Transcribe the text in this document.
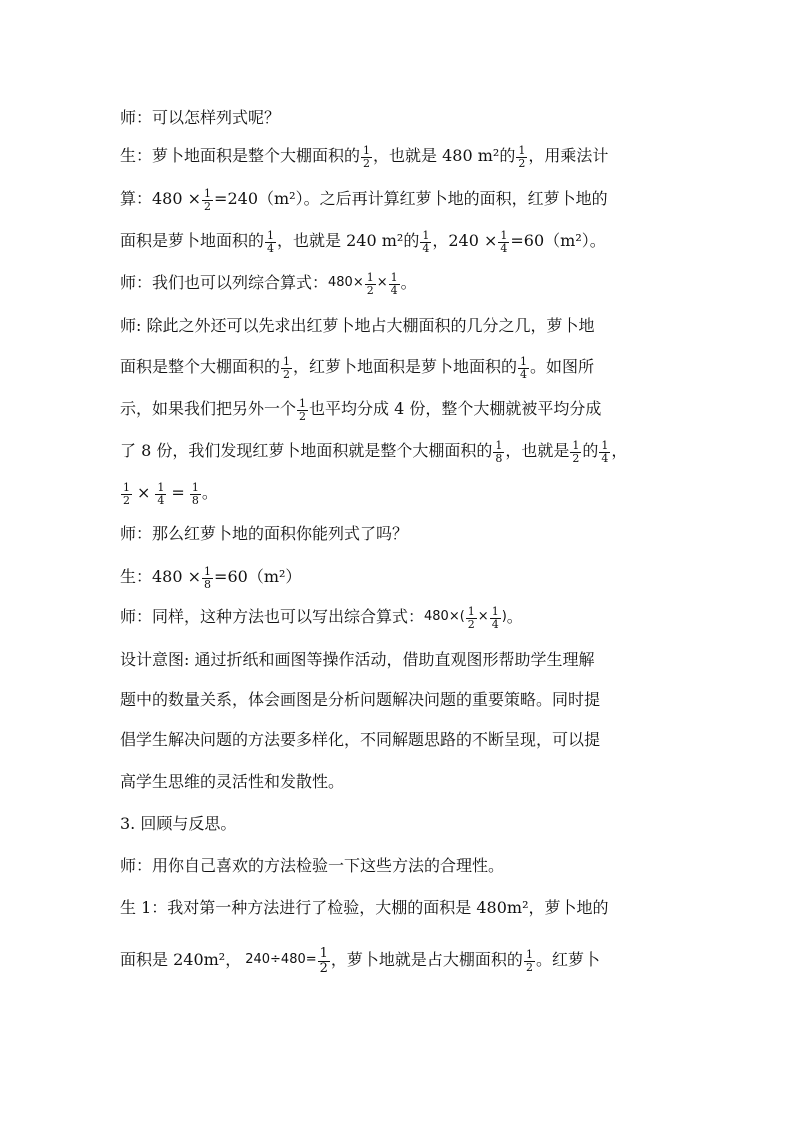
师：可以怎样列式呢？
生：萝卜地面积是整个大棚面积的 $\frac{1}{2}$ ，也就是 480 m²的 $\frac{1}{2}$ ，用乘法计
算：$480 \times \frac{1}{2} =240(m^2)$。之后再计算红萝卜地的面积，红萝卜地的
面积是萝卜地面积的 $\frac{1}{4}$ ，也就是 240 m²的 $\frac{1}{4}$ ，$240 \times \frac{1}{4} =60(m^2)$。
师：我们也可以列综合算式： $480\times \frac{1}{2} \times \frac{1}{4}$ 。
师: 除此之外还可以先求出红萝卜地占大棚面积的几分之几，萝卜地
面积是整个大棚面积的 $\frac{1}{2}$ ，红萝卜地面积是萝卜地面积的 $\frac{1}{4}$ 。如图所
示，如果我们把另外一个 $\frac{1}{2}$ 也平均分成 4 份，整个大棚就被平均分成
了 8 份，我们发现红萝卜地面积就是整个大棚面积的 $\frac{1}{8}$ ，也就是 $\frac{1}{2}$ 的 $\frac{1}{4}$ ，
$\frac{1}{2} \times \frac{1}{4} = \frac{1}{8}$ 。
师：那么红萝卜地的面积你能列式了吗？
生：$480 \times \frac{1}{8} =60(m^2)$
师：同样，这种方法也可以写出综合算式： $480\times( \frac{1}{2} \times \frac{1}{4}$ ) 。
设计意图: 通过折纸和画图等操作活动，借助直观图形帮助学生理解
题中的数量关系，体会画图是分析问题解决问题的重要策略。同时提
倡学生解决问题的方法要多样化，不同解题思路的不断呈现，可以提
高学生思维的灵活性和发散性。
3. 回顾与反思。
师：用你自己喜欢的方法检验一下这些方法的合理性。
生 1：我对第一种方法进行了检验，大棚的面积是 480m²，萝卜地的
面积是 240m²， $240\div 480= \frac{1}{2}$ ，萝卜地就是占大棚面积的 $\frac{1}{2}$ 。红萝卜
